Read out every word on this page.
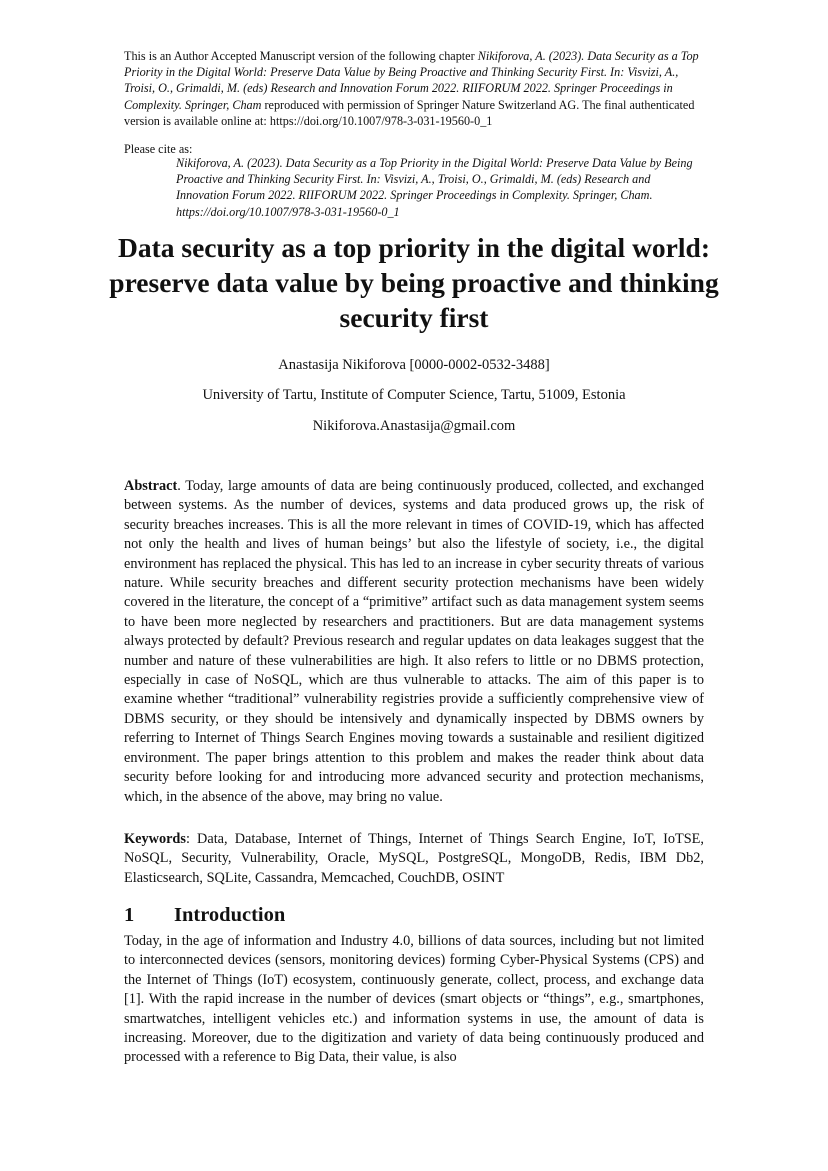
This is an Author Accepted Manuscript version of the following chapter Nikiforova, A. (2023). Data Security as a Top Priority in the Digital World: Preserve Data Value by Being Proactive and Thinking Security First. In: Visvizi, A., Troisi, O., Grimaldi, M. (eds) Research and Innovation Forum 2022. RIIFORUM 2022. Springer Proceedings in Complexity. Springer, Cham reproduced with permission of Springer Nature Switzerland AG. The final authenticated version is available online at: https://doi.org/10.1007/978-3-031-19560-0_1
Please cite as:
Nikiforova, A. (2023). Data Security as a Top Priority in the Digital World: Preserve Data Value by Being Proactive and Thinking Security First. In: Visvizi, A., Troisi, O., Grimaldi, M. (eds) Research and Innovation Forum 2022. RIIFORUM 2022. Springer Proceedings in Complexity. Springer, Cham. https://doi.org/10.1007/978-3-031-19560-0_1
Data security as a top priority in the digital world: preserve data value by being proactive and thinking security first
Anastasija Nikiforova [0000-0002-0532-3488]
University of Tartu, Institute of Computer Science, Tartu, 51009, Estonia
Nikiforova.Anastasija@gmail.com
Abstract. Today, large amounts of data are being continuously produced, collected, and exchanged between systems. As the number of devices, systems and data produced grows up, the risk of security breaches increases. This is all the more relevant in times of COVID-19, which has affected not only the health and lives of human beings’ but also the lifestyle of society, i.e., the digital environment has replaced the physical. This has led to an increase in cyber security threats of various nature. While security breaches and different security protection mechanisms have been widely covered in the literature, the concept of a “primitive” artifact such as data management system seems to have been more neglected by researchers and practitioners. But are data management systems always protected by default? Previous research and regular updates on data leakages suggest that the number and nature of these vulnerabilities are high. It also refers to little or no DBMS protection, especially in case of NoSQL, which are thus vulnerable to attacks. The aim of this paper is to examine whether “traditional” vulnerability registries provide a sufficiently comprehensive view of DBMS security, or they should be intensively and dynamically inspected by DBMS owners by referring to Internet of Things Search Engines moving towards a sustainable and resilient digitized environment. The paper brings attention to this problem and makes the reader think about data security before looking for and introducing more advanced security and protection mechanisms, which, in the absence of the above, may bring no value.
Keywords: Data, Database, Internet of Things, Internet of Things Search Engine, IoT, IoTSE, NoSQL, Security, Vulnerability, Oracle, MySQL, PostgreSQL, MongoDB, Redis, IBM Db2, Elasticsearch, SQLite, Cassandra, Memcached, CouchDB, OSINT
1 Introduction
Today, in the age of information and Industry 4.0, billions of data sources, including but not limited to interconnected devices (sensors, monitoring devices) forming Cyber-Physical Systems (CPS) and the Internet of Things (IoT) ecosystem, continuously generate, collect, process, and exchange data [1]. With the rapid increase in the number of devices (smart objects or “things”, e.g., smartphones, smartwatches, intelligent vehicles etc.) and information systems in use, the amount of data is increasing. Moreover, due to the digitization and variety of data being continuously produced and processed with a reference to Big Data, their value, is also
